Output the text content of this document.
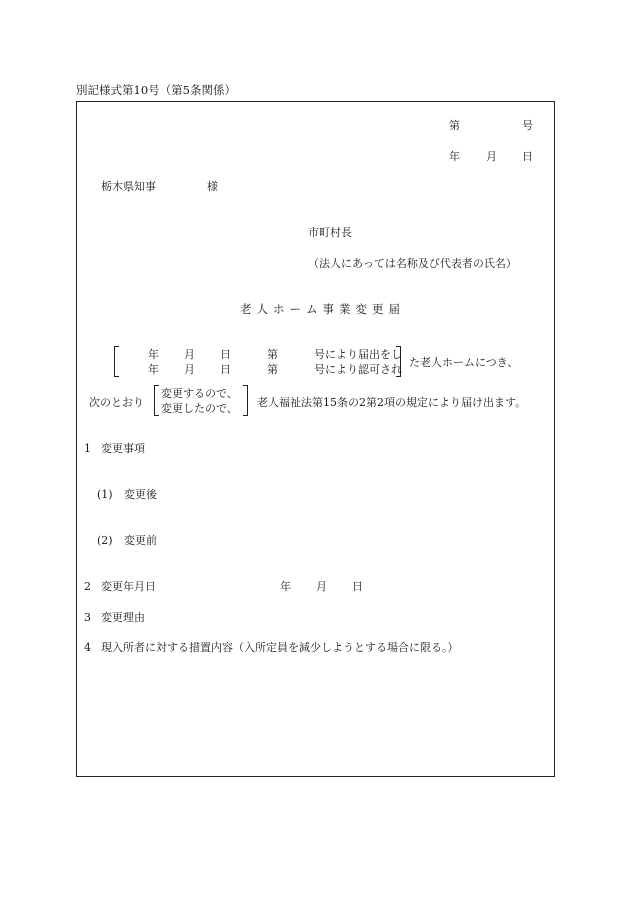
別記様式第10号（第5条関係）
第	号
年 月 日
栃木県知事	様
市町村長
（法人にあっては名称及び代表者の氏名）
老人ホーム事業変更届
年 月 日	第	号により届出をし
年 月 日	第	号により認可され
た老人ホームにつき、
次のとおり
変更するので、
変更したので、 老人福祉法第15条の2第2項の規定により届け出ます。
1 変更事項
(1) 変更後
(2) 変更前
2 変更年月日	年 月 日
3 変更理由
4 現入所者に対する措置内容（入所定員を減少しようとする場合に限る。）
